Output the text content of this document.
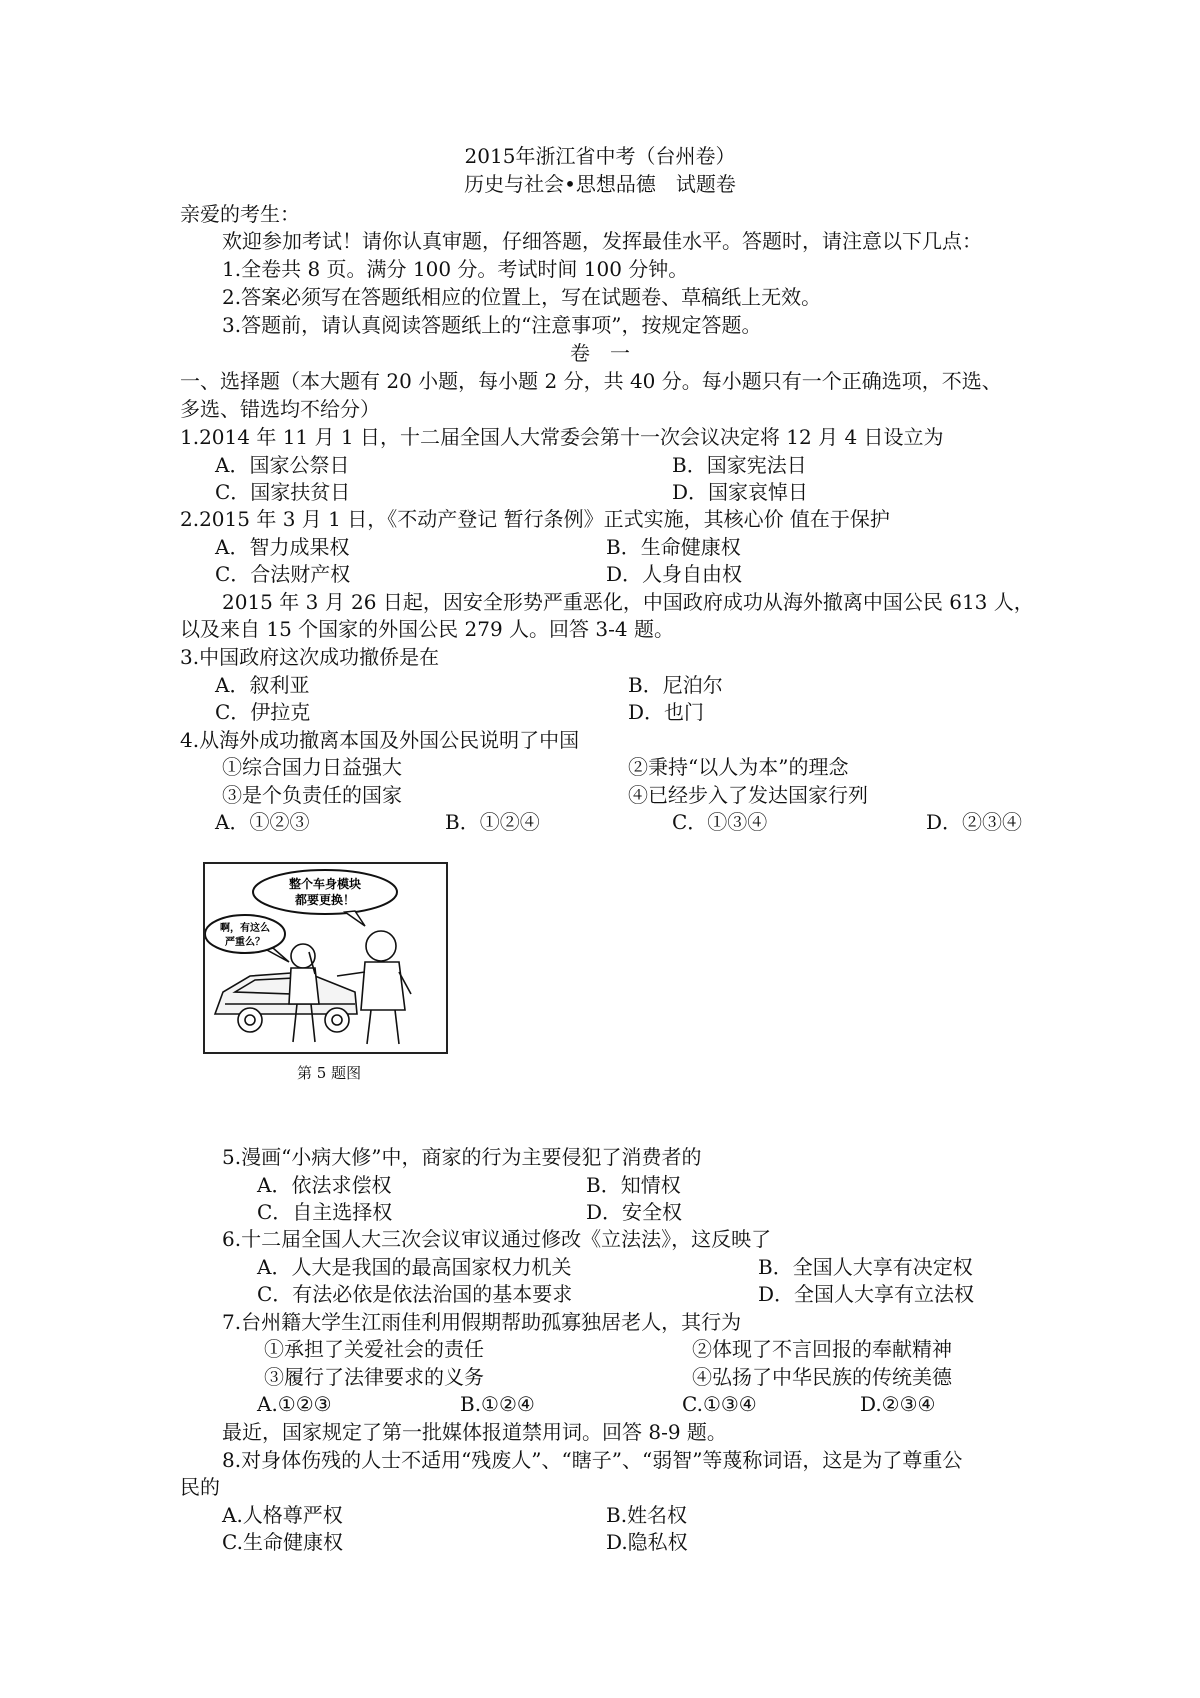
2015年浙江省中考（台州卷）
历史与社会•思想品德　试题卷
亲爱的考生：
欢迎参加考试！请你认真审题，仔细答题，发挥最佳水平。答题时，请注意以下几点：
1.全卷共 8 页。满分 100 分。考试时间 100 分钟。
2.答案必须写在答题纸相应的位置上，写在试题卷、草稿纸上无效。
3.答题前，请认真阅读答题纸上的“注意事项”，按规定答题。
卷　一
一、选择题（本大题有 20 小题，每小题 2 分，共 40 分。每小题只有一个正确选项，不选、
多选、错选均不给分）
1.2014 年 11 月 1 日，十二届全国人大常委会第十一次会议决定将 12 月 4 日设立为
A．国家公祭日	B．国家宪法日
C．国家扶贫日	D．国家哀悼日
2.2015 年 3 月 1 日，《不动产登记 暂行条例》正式实施，其核心价 值在于保护
A．智力成果权	B．生命健康权
C．合法财产权	D．人身自由权
2015 年 3 月 26 日起，因安全形势严重恶化，中国政府成功从海外撤离中国公民 613 人，
以及来自 15 个国家的外国公民 279 人。回答 3-4 题。
3.中国政府这次成功撤侨是在
A．叙利亚	B．尼泊尔
C．伊拉克	D．也门
4.从海外成功撤离本国及外国公民说明了中国
①综合国力日益强大	②秉持“以人为本”的理念
③是个负责任的国家	④已经步入了发达国家行列
A．①②③	B．①②④	C．①③④	D．②③④
整个车身模块
都要更换！
啊，有这么
严重么？
第 5 题图
5.漫画“小病大修”中，商家的行为主要侵犯了消费者的
A．依法求偿权	B．知情权
C．自主选择权	D．安全权
6.十二届全国人大三次会议审议通过修改《立法法》，这反映了
A．人大是我国的最高国家权力机关	B．全国人大享有决定权
C．有法必依是依法治国的基本要求	D．全国人大享有立法权
7.台州籍大学生江雨佳利用假期帮助孤寡独居老人，其行为
①承担了关爱社会的责任	②体现了不言回报的奉献精神
③履行了法律要求的义务	④弘扬了中华民族的传统美德
A.①②③	B.①②④	C.①③④	D.②③④
最近，国家规定了第一批媒体报道禁用词。回答 8-9 题。
8.对身体伤残的人士不适用“残废人”、“瞎子”、“弱智”等蔑称词语，这是为了尊重公
民的
A.人格尊严权	B.姓名权
C.生命健康权	D.隐私权
